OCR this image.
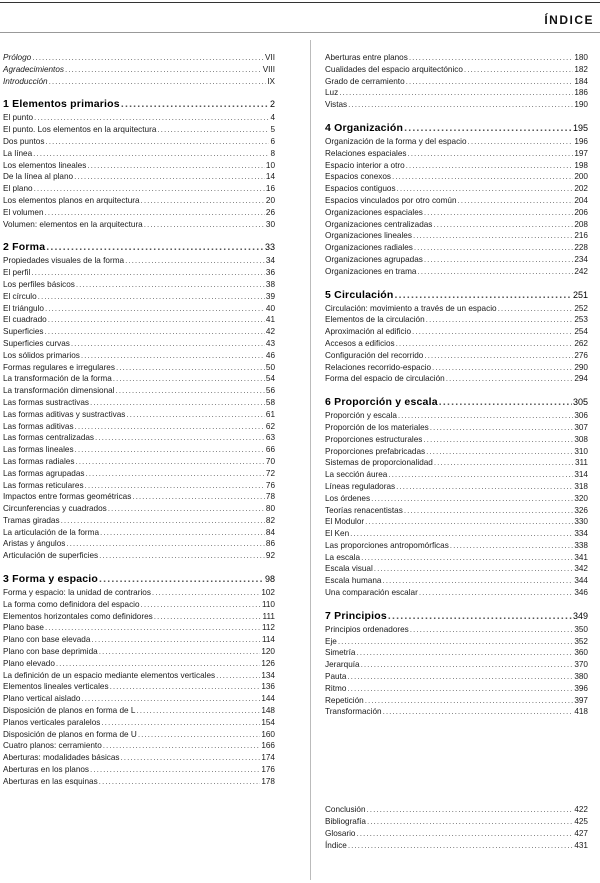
ÍNDICE
Prólogo .....	VII
Agradecimientos .....	VIII
Introducción .....	IX
1 Elementos primarios .....	2
El punto .....	4
El punto. Los elementos en la arquitectura .....	5
Dos puntos .....	6
La línea .....	8
Los elementos lineales .....	10
De la línea al plano .....	14
El plano .....	16
Los elementos planos en arquitectura .....	20
El volumen .....	26
Volumen: elementos en la arquitectura .....	30
2 Forma .....	33
Propiedades visuales de la forma .....	34
El perfil .....	36
Los perfiles básicos .....	38
El círculo .....	39
El triángulo .....	40
El cuadrado .....	41
Superficies .....	42
Superficies curvas .....	43
Los sólidos primarios .....	46
Formas regulares e irregulares .....	50
La transformación de la forma .....	54
La transformación dimensional .....	56
Las formas sustractivas .....	58
Las formas aditivas y sustractivas .....	61
Las formas aditivas .....	62
Las formas centralizadas .....	63
Las formas lineales .....	66
Las formas radiales .....	70
Las formas agrupadas .....	72
Las formas reticulares .....	76
Impactos entre formas geométricas .....	78
Circunferencias y cuadrados .....	80
Tramas giradas .....	82
La articulación de la forma .....	84
Aristas y ángulos .....	86
Articulación de superficies .....	92
3 Forma y espacio .....	98
Forma y espacio: la unidad de contrarios .....	102
La forma como definidora del espacio .....	110
Elementos horizontales como definidores .....	111
Plano base .....	112
Plano con base elevada .....	114
Plano con base deprimida .....	120
Plano elevado .....	126
La definición de un espacio mediante elementos verticales .....	134
Elementos lineales verticales .....	136
Plano vertical aislado .....	144
Disposición de planos en forma de L .....	148
Planos verticales paralelos .....	154
Disposición de planos en forma de U .....	160
Cuatro planos: cerramiento .....	166
Aberturas: modalidades básicas .....	174
Aberturas en los planos .....	176
Aberturas en las esquinas .....	178
Aberturas entre planos .....	180
Cualidades del espacio arquitectónico .....	182
Grado de cerramiento .....	184
Luz .....	186
Vistas .....	190
4 Organización .....	195
Organización de la forma y del espacio .....	196
Relaciones espaciales .....	197
Espacio interior a otro .....	198
Espacios conexos .....	200
Espacios contiguos .....	202
Espacios vinculados por otro común .....	204
Organizaciones espaciales .....	206
Organizaciones centralizadas .....	208
Organizaciones lineales .....	216
Organizaciones radiales .....	228
Organizaciones agrupadas .....	234
Organizaciones en trama .....	242
5 Circulación .....	251
Circulación: movimiento a través de un espacio .....	252
Elementos de la circulación .....	253
Aproximación al edificio .....	254
Accesos a edificios .....	262
Configuración del recorrido .....	276
Relaciones recorrido-espacio .....	290
Forma del espacio de circulación .....	294
6 Proporción y escala .....	305
Proporción y escala .....	306
Proporción de los materiales .....	307
Proporciones estructurales .....	308
Proporciones prefabricadas .....	310
Sistemas de proporcionalidad .....	311
La sección áurea .....	314
Líneas reguladoras .....	318
Los órdenes .....	320
Teorías renacentistas .....	326
El Modulor .....	330
El Ken .....	334
Las proporciones antropomórficas .....	338
La escala .....	341
Escala visual .....	342
Escala humana .....	344
Una comparación escalar .....	346
7 Principios .....	349
Principios ordenadores .....	350
Eje .....	352
Simetría .....	360
Jerarquía .....	370
Pauta .....	380
Ritmo .....	396
Repetición .....	397
Transformación .....	418
Conclusión .....	422
Bibliografía .....	425
Glosario .....	427
Índice .....	431
